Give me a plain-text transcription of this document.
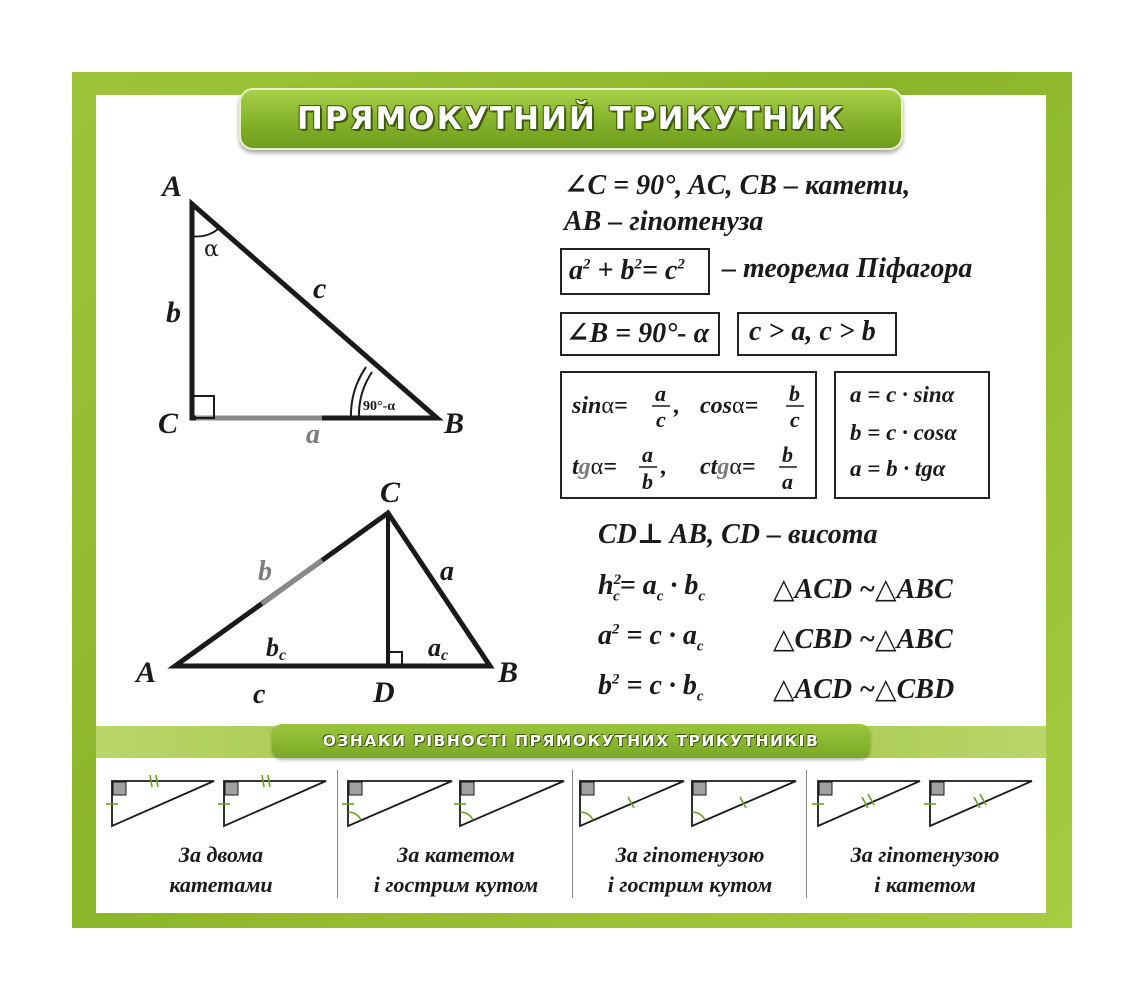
ПРЯМОКУТНИЙ ТРИКУТНИК
A
C	B
b
c
a
α
90°-α
C
A	B
D
b	a
c
bc	ac
∠C = 90°, AC, CB – катети,
AB – гіпотенуза
$a^2 + b^2= c^2$ – теорема Піфагора
∠B = 90°- α c > a, c > b
sinα= a
c
, cosα= b
c
tgα= a
b
, ctgα= b
a
a = c · sinα
b = c · cosα
a = b · tgα
CD⊥ AB, CD – висота
$h^2_c= a_c \cdot b_c$
$a^2 = c \cdot a_c$
$b^2 = c \cdot b_c$
△ACD ~△ABC
△CBD ~△ABC
△ACD ~△CBD
ОЗНАКИ РІВНОСТІ ПРЯМОКУТНИХ ТРИКУТНИКІВ
За двома
катетами
За катетом
і гострим кутом
За гіпотенузою
і гострим кутом
За гіпотенузою
і катетом
